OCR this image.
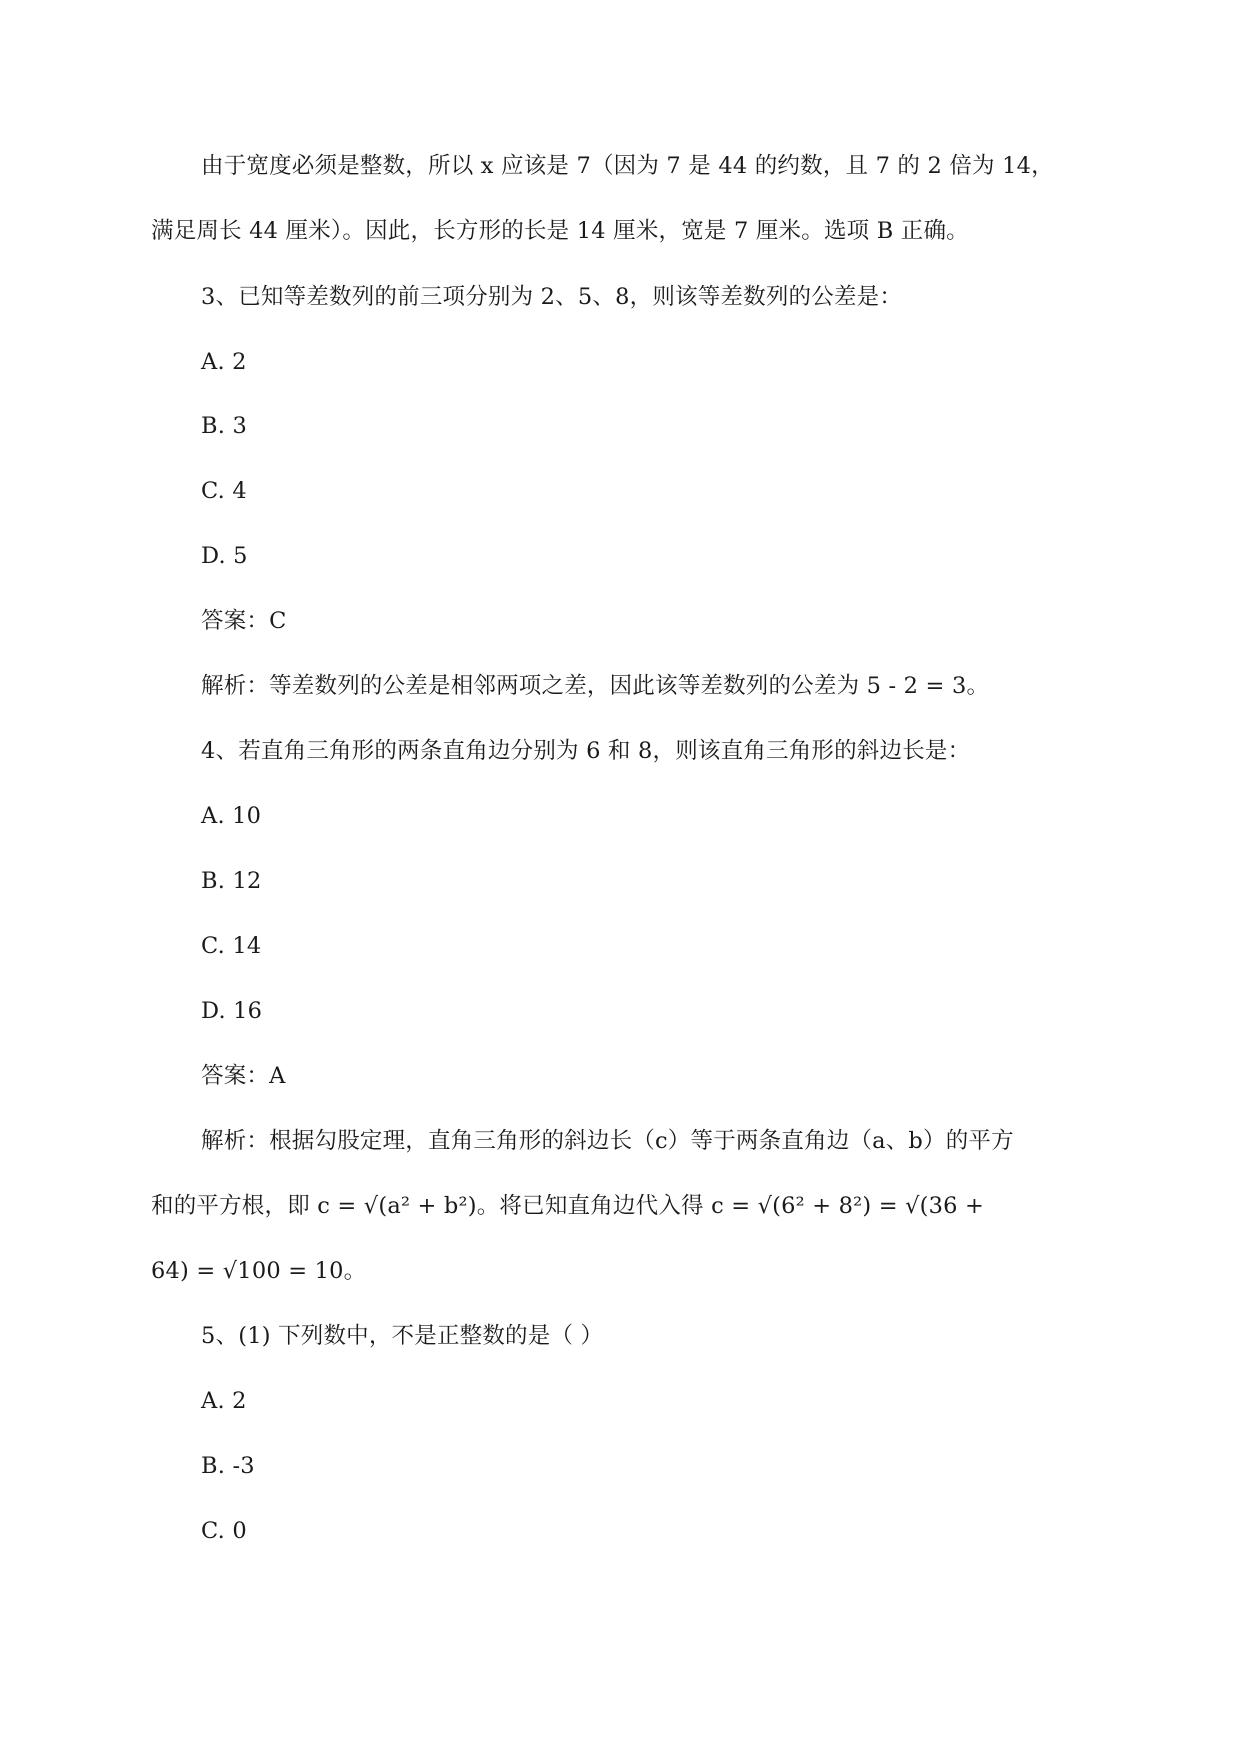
由于宽度必须是整数，所以 x 应该是 7（因为 7 是 44 的约数，且 7 的 2 倍为 14，
满足周长 44 厘米）。因此，长方形的长是 14 厘米，宽是 7 厘米。选项 B 正确。
3、已知等差数列的前三项分别为 2、5、8，则该等差数列的公差是：
A. 2
B. 3
C. 4
D. 5
答案：C
解析：等差数列的公差是相邻两项之差，因此该等差数列的公差为 5 - 2 = 3。
4、若直角三角形的两条直角边分别为 6 和 8，则该直角三角形的斜边长是：
A. 10
B. 12
C. 14
D. 16
答案：A
解析：根据勾股定理，直角三角形的斜边长（c）等于两条直角边（a、b）的平方
和的平方根，即 c = √(a² + b²)。将已知直角边代入得 c = √(6² + 8²) = √(36 +
64) = √100 = 10。
5、(1) 下列数中，不是正整数的是（ ）
A. 2
B. -3
C. 0
